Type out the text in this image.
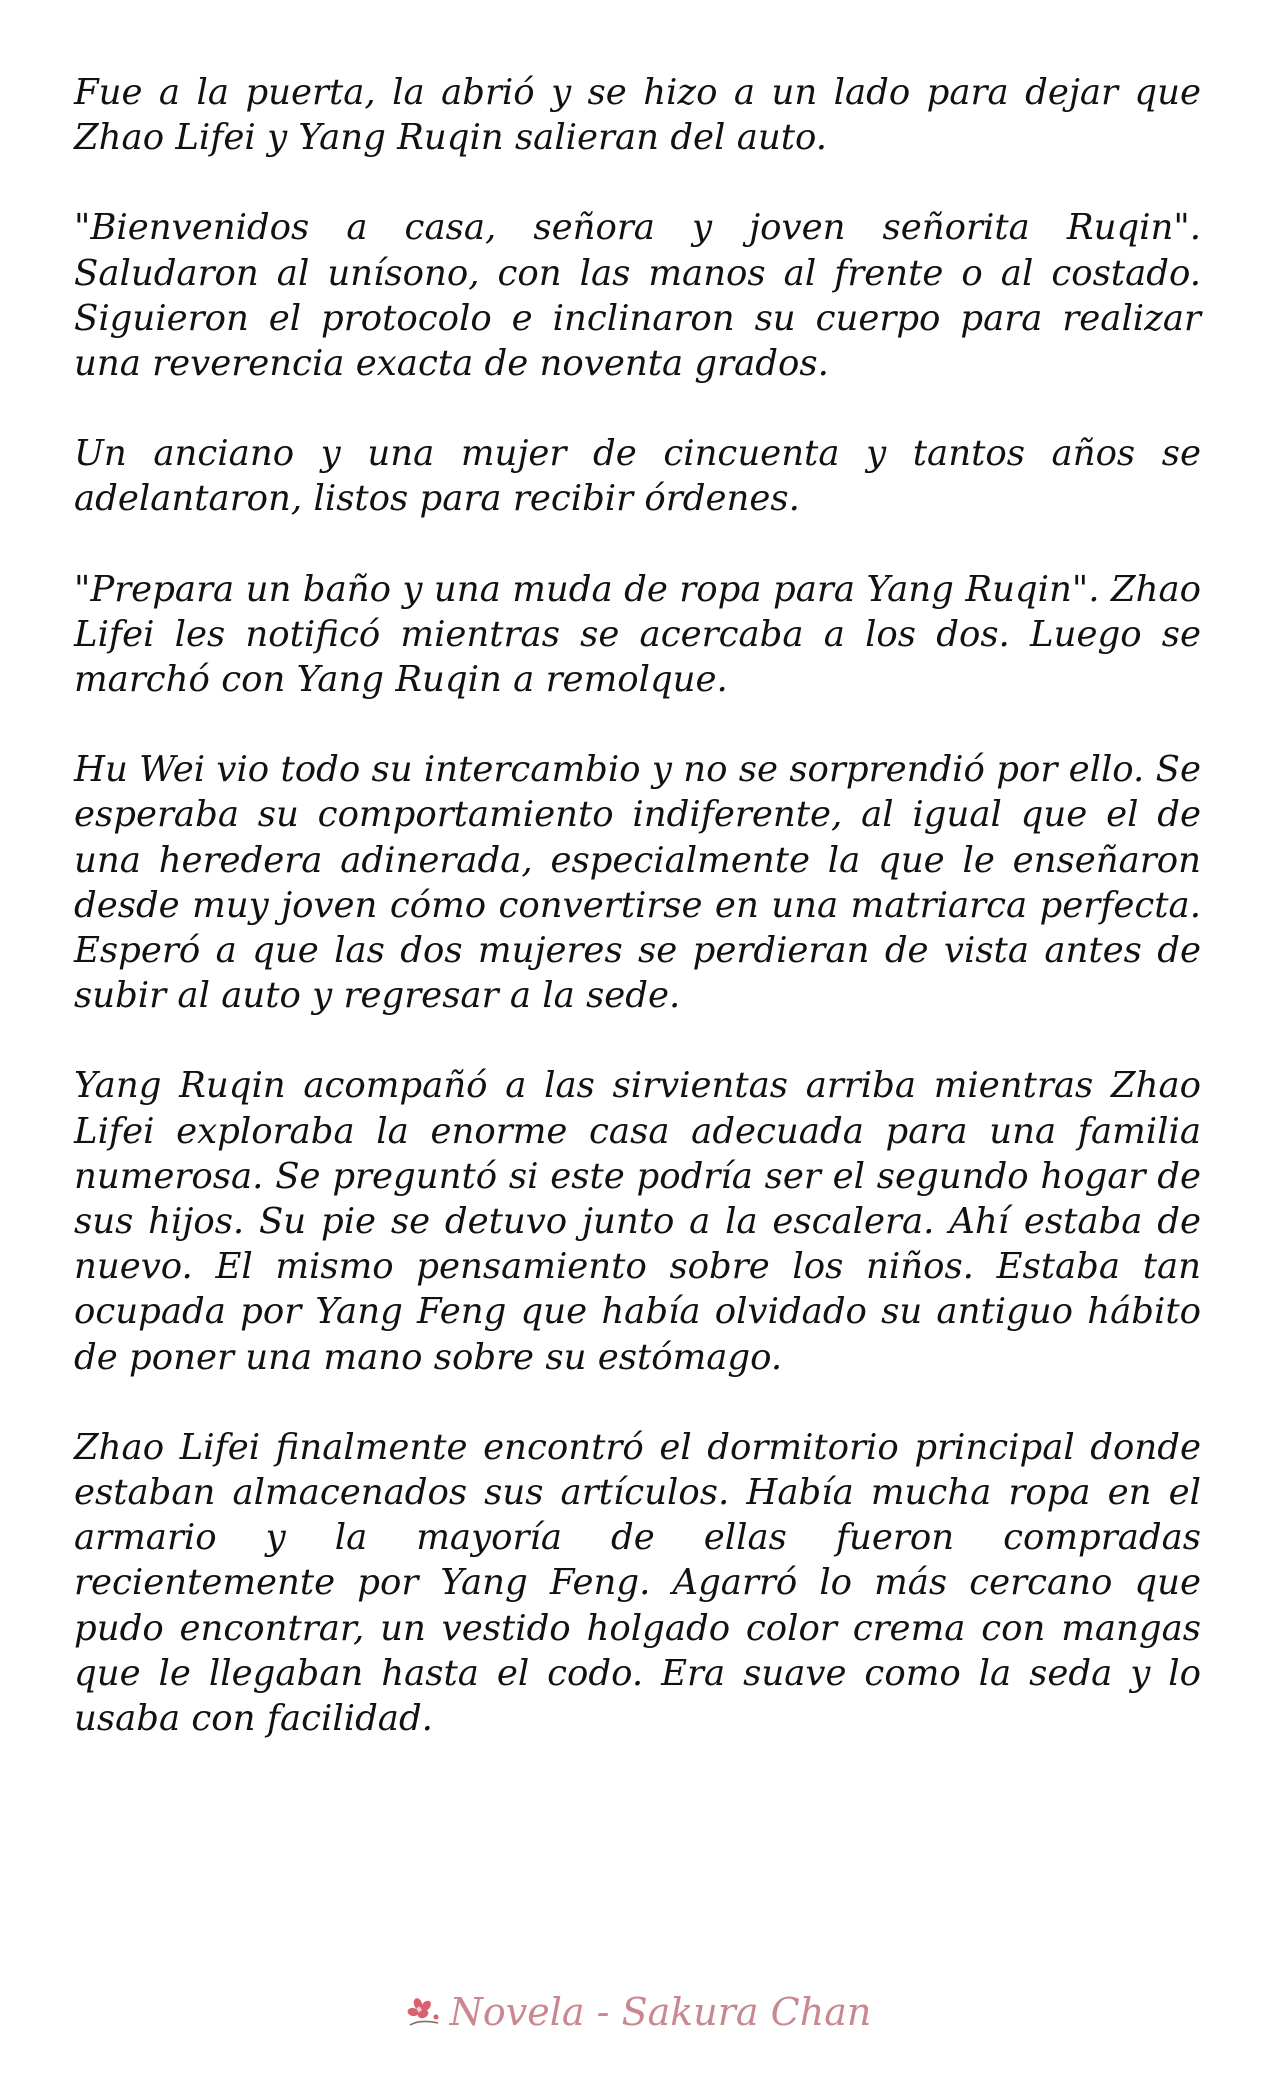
Fue a la puerta, la abrió y se hizo a un lado para dejar que Zhao Lifei y Yang Ruqin salieran del auto.

"Bienvenidos a casa, señora y joven señorita Ruqin". Saludaron al unísono, con las manos al frente o al costado. Siguieron el protocolo e inclinaron su cuerpo para realizar una reverencia exacta de noventa grados.

Un anciano y una mujer de cincuenta y tantos años se adelantaron, listos para recibir órdenes.

"Prepara un baño y una muda de ropa para Yang Ruqin". Zhao Lifei les notificó mientras se acercaba a los dos. Luego se marchó con Yang Ruqin a remolque.

Hu Wei vio todo su intercambio y no se sorprendió por ello. Se esperaba su comportamiento indiferente, al igual que el de una heredera adinerada, especialmente la que le enseñaron desde muy joven cómo convertirse en una matriarca perfecta. Esperó a que las dos mujeres se perdieran de vista antes de subir al auto y regresar a la sede.

Yang Ruqin acompañó a las sirvientas arriba mientras Zhao Lifei exploraba la enorme casa adecuada para una familia numerosa. Se preguntó si este podría ser el segundo hogar de sus hijos. Su pie se detuvo junto a la escalera. Ahí estaba de nuevo. El mismo pensamiento sobre los niños. Estaba tan ocupada por Yang Feng que había olvidado su antiguo hábito de poner una mano sobre su estómago.

Zhao Lifei finalmente encontró el dormitorio principal donde estaban almacenados sus artículos. Había mucha ropa en el armario y la mayoría de ellas fueron compradas recientemente por Yang Feng. Agarró lo más cercano que pudo encontrar, un vestido holgado color crema con mangas que le llegaban hasta el codo. Era suave como la seda y lo usaba con facilidad.

Novela - Sakura Chan
